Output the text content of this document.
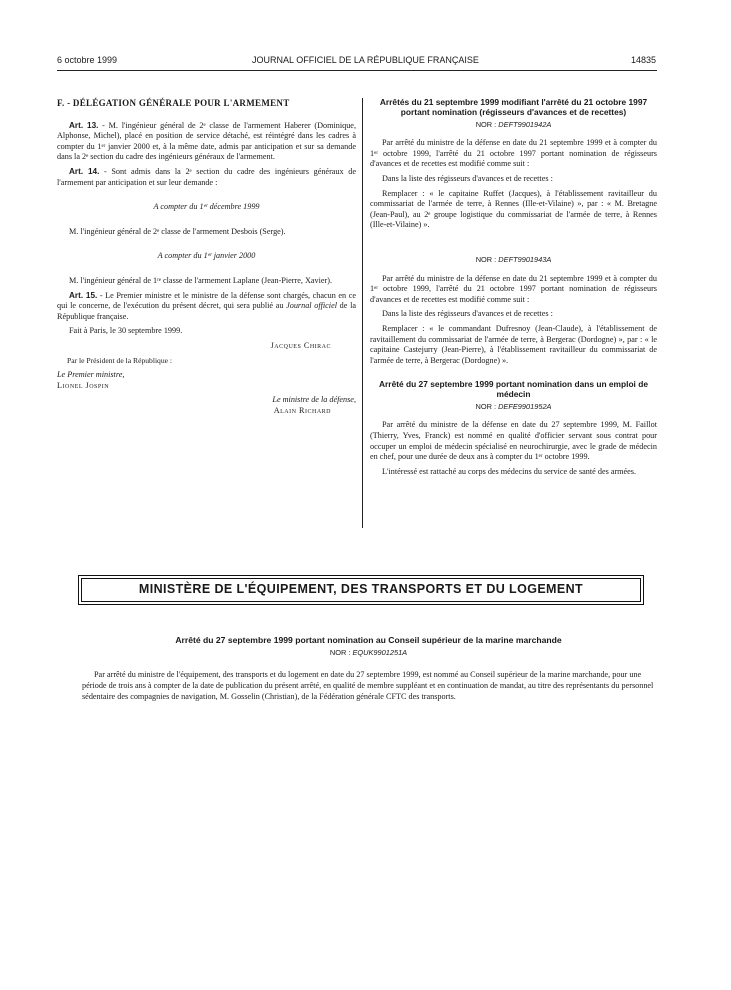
6 octobre 1999	JOURNAL OFFICIEL DE LA RÉPUBLIQUE FRANÇAISE	14835

F. - DÉLÉGATION GÉNÉRALE POUR L'ARMEMENT

Art. 13. - M. l'ingénieur général de 2ᵉ classe de l'armement Haberer (Dominique, Alphonse, Michel), placé en position de service détaché, est réintégré dans les cadres à compter du 1ᵉʳ janvier 2000 et, à la même date, admis par anticipation et sur sa demande dans la 2ᵉ section du cadre des ingénieurs généraux de l'armement.

Art. 14. - Sont admis dans la 2ᵉ section du cadre des ingénieurs généraux de l'armement par anticipation et sur leur demande :

A compter du 1ᵉʳ décembre 1999

M. l'ingénieur général de 2ᵉ classe de l'armement Desbois (Serge).

A compter du 1ᵉʳ janvier 2000

M. l'ingénieur général de 1ʳᵉ classe de l'armement Laplane (Jean-Pierre, Xavier).

Art. 15. - Le Premier ministre et le ministre de la défense sont chargés, chacun en ce qui le concerne, de l'exécution du présent décret, qui sera publié au Journal officiel de la République française.

Fait à Paris, le 30 septembre 1999.

Jacques Chirac

Par le Président de la République :

Le Premier ministre,

Lionel Jospin

Le ministre de la défense,

Alain Richard

Arrêtés du 21 septembre 1999 modifiant l'arrêté du 21 octobre 1997 portant nomination (régisseurs d'avances et de recettes)

NOR : DEFT9901942A

Par arrêté du ministre de la défense en date du 21 septembre 1999 et à compter du 1ᵉʳ octobre 1999, l'arrêté du 21 octobre 1997 portant nomination de régisseurs d'avances et de recettes est modifié comme suit :

Dans la liste des régisseurs d'avances et de recettes :

Remplacer : « le capitaine Ruffet (Jacques), à l'établissement ravitailleur du commissariat de l'armée de terre, à Rennes (Ille-et-Vilaine) », par : « M. Bretagne (Jean-Paul), au 2ᵉ groupe logistique du commissariat de l'armée de terre, à Rennes (Ille-et-Vilaine) ».

NOR : DEFT9901943A

Par arrêté du ministre de la défense en date du 21 septembre 1999 et à compter du 1ᵉʳ octobre 1999, l'arrêté du 21 octobre 1997 portant nomination de régisseurs d'avances et de recettes est modifié comme suit :

Dans la liste des régisseurs d'avances et de recettes :

Remplacer : « le commandant Dufresnoy (Jean-Claude), à l'établissement de ravitaillement du commissariat de l'armée de terre, à Bergerac (Dordogne) », par : « le capitaine Castejurry (Jean-Pierre), à l'établissement ravitailleur du commissariat de l'armée de terre, à Bergerac (Dordogne) ».

Arrêté du 27 septembre 1999 portant nomination dans un emploi de médecin

NOR : DEFE9901952A

Par arrêté du ministre de la défense en date du 27 septembre 1999, M. Faillot (Thierry, Yves, Franck) est nommé en qualité d'officier servant sous contrat pour occuper un emploi de médecin spécialisé en neurochirurgie, avec le grade de médecin en chef, pour une durée de deux ans à compter du 1ᵉʳ octobre 1999.

L'intéressé est rattaché au corps des médecins du service de santé des armées.

MINISTÈRE DE L'ÉQUIPEMENT, DES TRANSPORTS ET DU LOGEMENT

Arrêté du 27 septembre 1999 portant nomination au Conseil supérieur de la marine marchande

NOR : EQUK9901251A

Par arrêté du ministre de l'équipement, des transports et du logement en date du 27 septembre 1999, est nommé au Conseil supérieur de la marine marchande, pour une période de trois ans à compter de la date de publication du présent arrêté, en qualité de membre suppléant et en continuation de mandat, au titre des représentants du personnel sédentaire des compagnies de navigation, M. Gosselin (Christian), de la Fédération générale CFTC des transports.
